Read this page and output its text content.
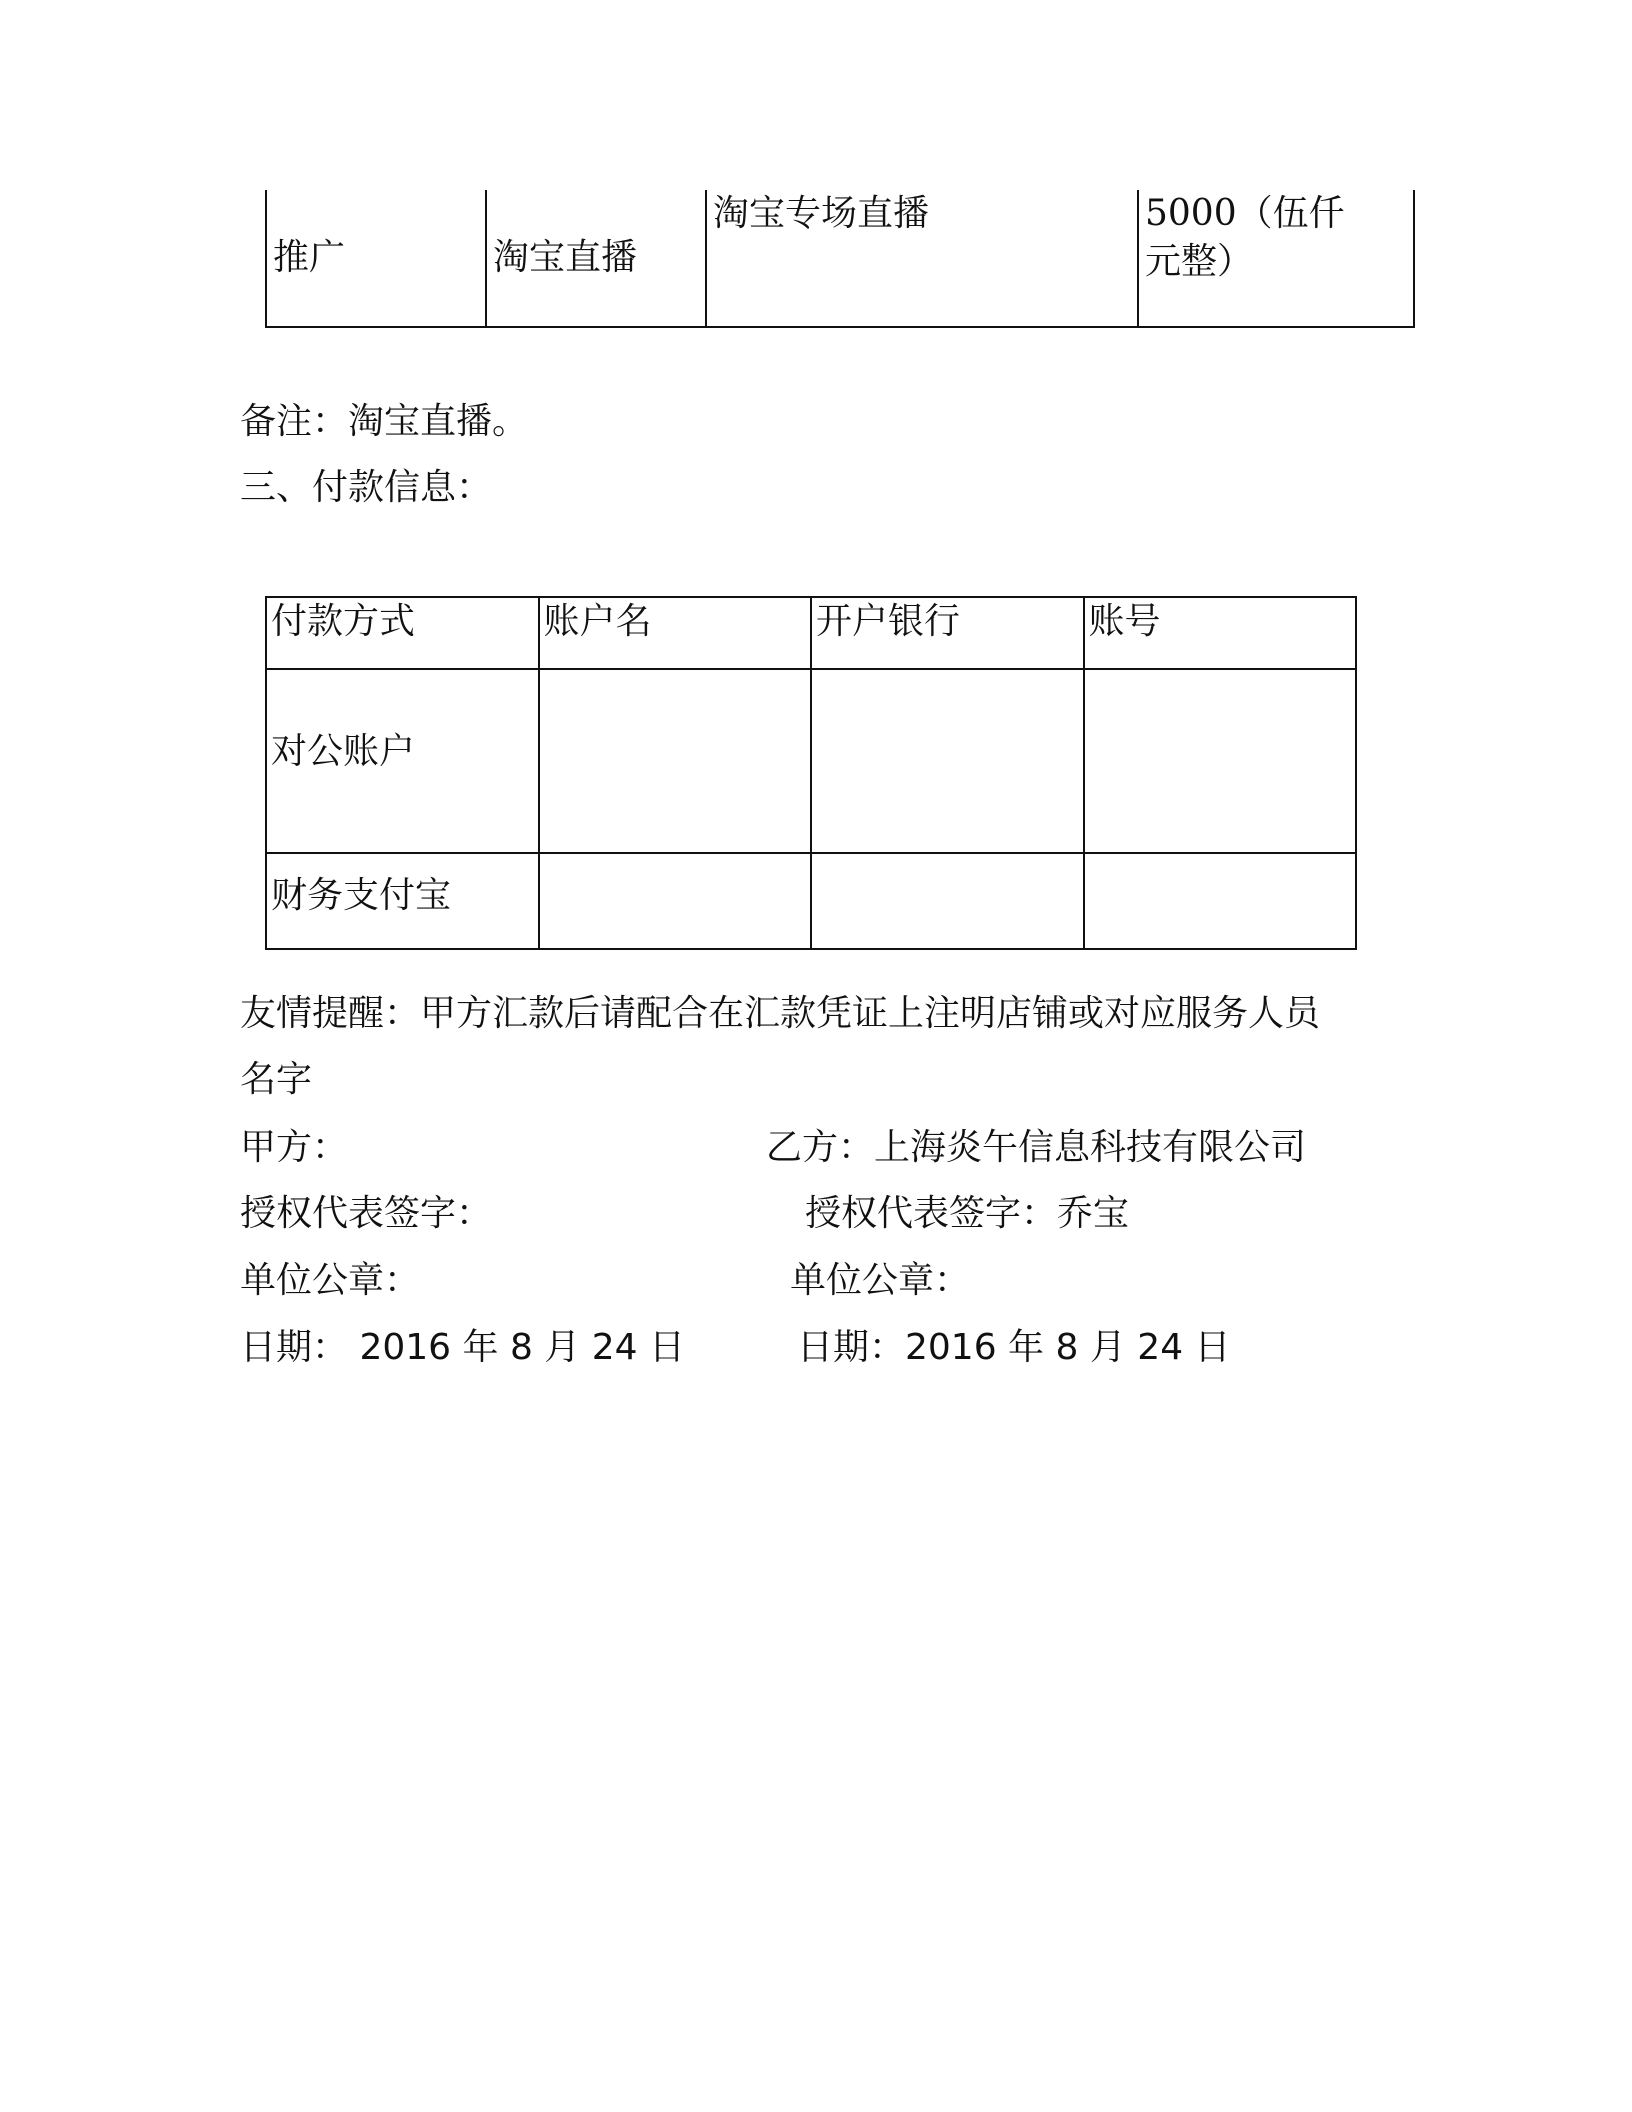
推广	淘宝直播	淘宝专场直播	5000（伍仟
元整）
备注：淘宝直播。
三、付款信息：
付款方式	账户名	开户银行	账号
对公账户			
财务支付宝			
友情提醒：甲方汇款后请配合在汇款凭证上注明店铺或对应服务人员
名字
甲方：
授权代表签字：
单位公章：
日期： 2016 年 8 月 24 日
乙方：上海炎午信息科技有限公司
授权代表签字：乔宝
单位公章：
日期：2016 年 8 月 24 日
